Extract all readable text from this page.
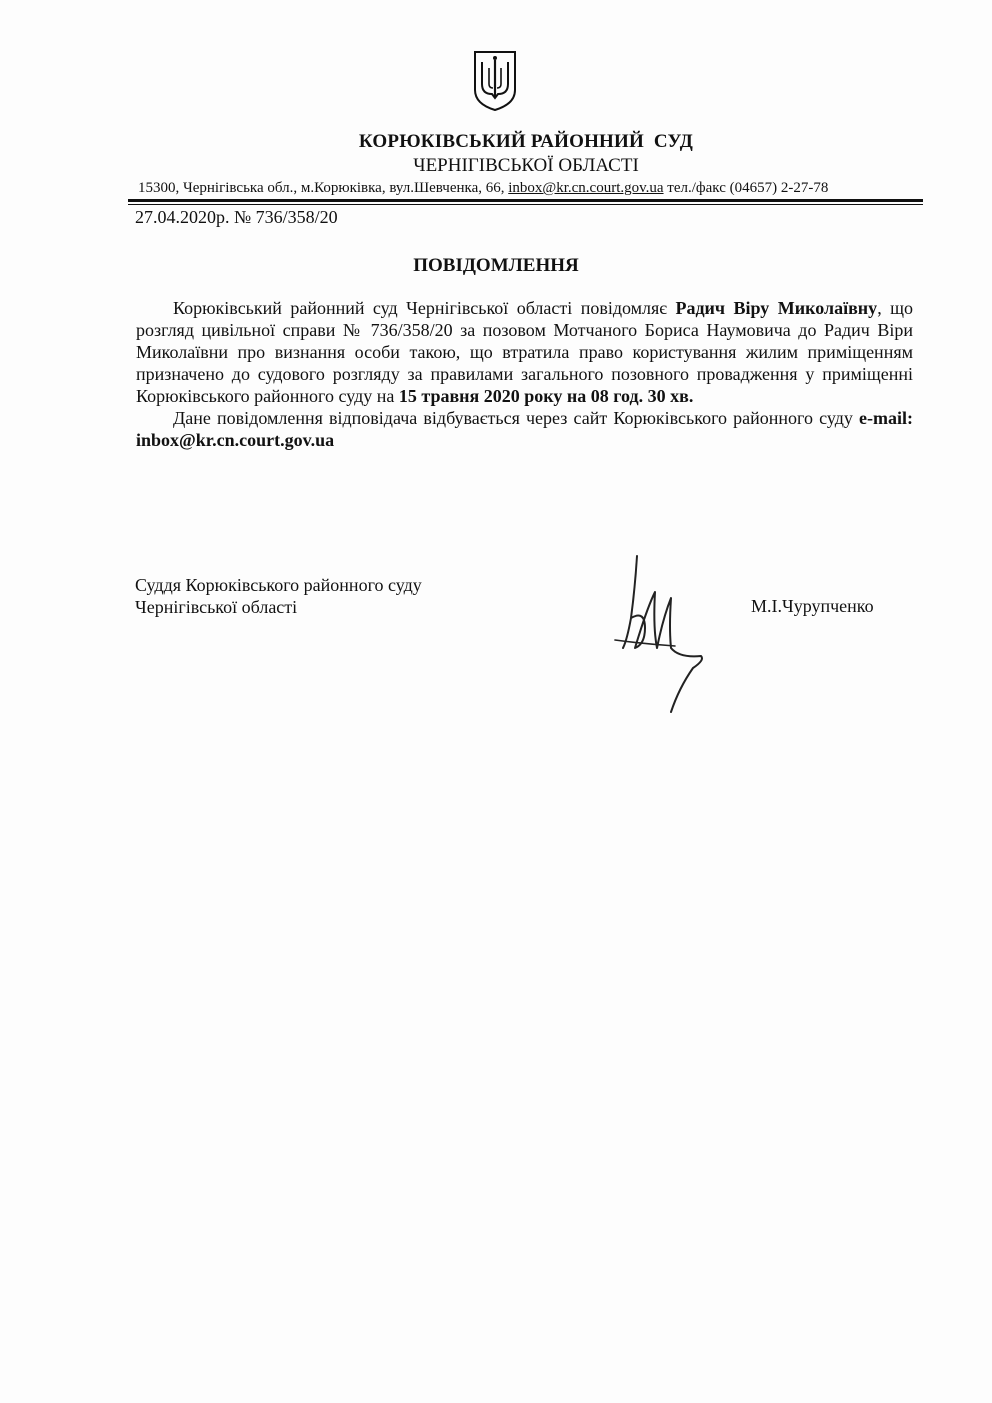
КОРЮКІВСЬКИЙ РАЙОННИЙ  СУД
ЧЕРНІГІВСЬКОЇ ОБЛАСТІ
15300, Чернігівська обл., м.Корюківка, вул.Шевченка, 66, inbox@kr.cn.court.gov.ua тел./факс (04657) 2-27-78
27.04.2020р. № 736/358/20
ПОВІДОМЛЕННЯ

Корюківський районний суд Чернігівської області повідомляє Радич Віру Миколаївну, що розгляд цивільної справи № 736/358/20 за позовом Мотчаного Бориса Наумовича до Радич Віри Миколаївни про визнання особи такою, що втратила право користування жилим приміщенням призначено до судового розгляду за правилами загального позовного провадження у приміщенні Корюківського районного суду на 15 травня 2020 року на 08 год. 30 хв.

Дане повідомлення відповідача відбувається через сайт Корюківського районного суду e-mail: inbox@kr.cn.court.gov.ua

Суддя Корюківського районного суду
Чернігівської області	М.І.Чурупченко
